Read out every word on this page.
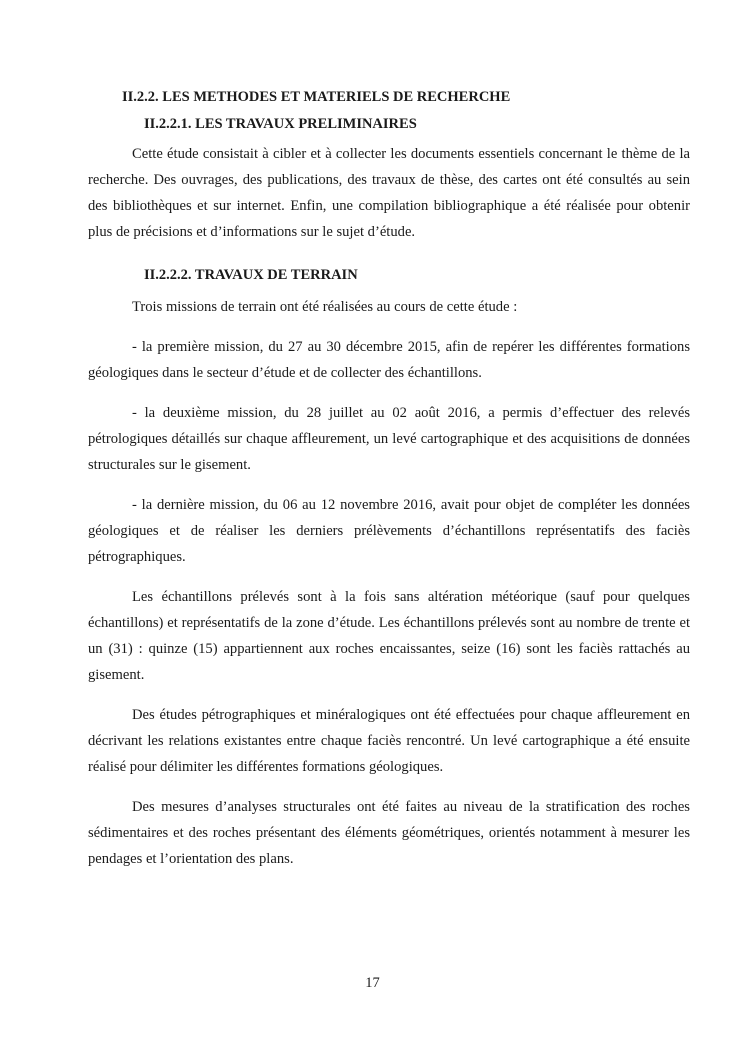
II.2.2. LES METHODES ET MATERIELS DE RECHERCHE
II.2.2.1. LES TRAVAUX PRELIMINAIRES

Cette étude consistait à cibler et à collecter les documents essentiels concernant le thème de la recherche. Des ouvrages, des publications, des travaux de thèse, des cartes ont été consultés au sein des bibliothèques et sur internet. Enfin, une compilation bibliographique a été réalisée pour obtenir plus de précisions et d’informations sur le sujet d’étude.

II.2.2.2. TRAVAUX DE TERRAIN

Trois missions de terrain ont été réalisées au cours de cette étude :

- la première mission, du 27 au 30 décembre 2015, afin de repérer les différentes formations géologiques dans le secteur d’étude et de collecter des échantillons.

- la deuxième mission, du 28 juillet au 02 août 2016, a permis d’effectuer des relevés pétrologiques détaillés sur chaque affleurement, un levé cartographique et des acquisitions de données structurales sur le gisement.

- la dernière mission, du 06 au 12 novembre 2016, avait pour objet de compléter les données géologiques et de réaliser les derniers prélèvements d’échantillons représentatifs des faciès pétrographiques.

Les échantillons prélevés sont à la fois sans altération météorique (sauf pour quelques échantillons) et représentatifs de la zone d’étude. Les échantillons prélevés sont au nombre de trente et un (31) : quinze (15) appartiennent aux roches encaissantes, seize (16) sont les faciès rattachés au gisement.

Des études pétrographiques et minéralogiques ont été effectuées pour chaque affleurement en décrivant les relations existantes entre chaque faciès rencontré. Un levé cartographique a été ensuite réalisé pour délimiter les différentes formations géologiques.

Des mesures d’analyses structurales ont été faites au niveau de la stratification des roches sédimentaires et des roches présentant des éléments géométriques, orientés notamment à mesurer les pendages et l’orientation des plans.

17
